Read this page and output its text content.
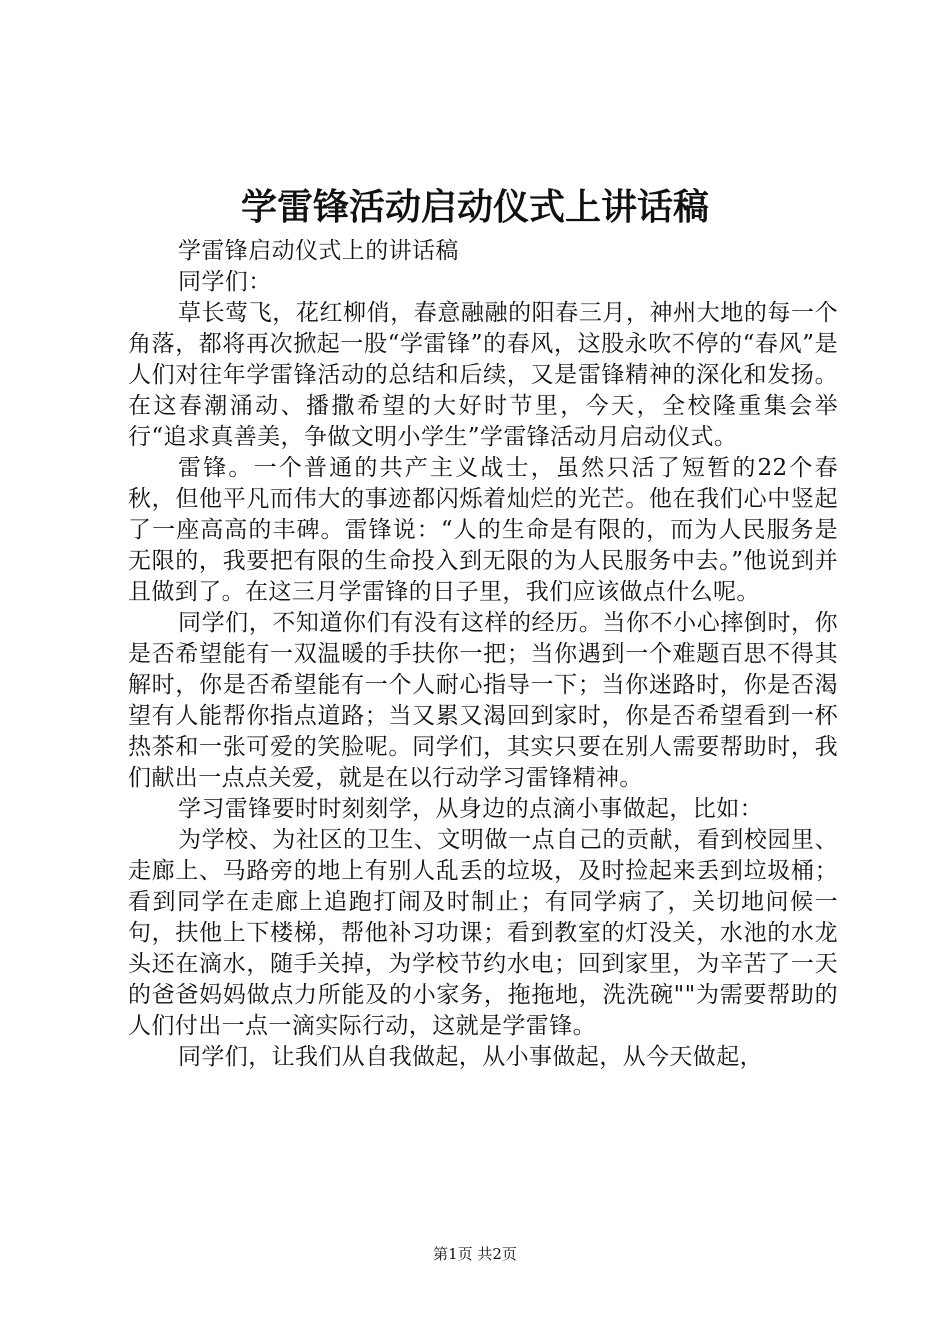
学雷锋活动启动仪式上讲话稿

学雷锋启动仪式上的讲话稿

同学们：

草长莺飞，花红柳俏，春意融融的阳春三月，神州大地的每一个角落，都将再次掀起一股“学雷锋”的春风，这股永吹不停的“春风”是人们对往年学雷锋活动的总结和后续，又是雷锋精神的深化和发扬。在这春潮涌动、播撒希望的大好时节里，今天，全校隆重集会举行“追求真善美，争做文明小学生”学雷锋活动月启动仪式。

雷锋。一个普通的共产主义战士，虽然只活了短暂的22个春秋，但他平凡而伟大的事迹都闪烁着灿烂的光芒。他在我们心中竖起了一座高高的丰碑。雷锋说：“人的生命是有限的，而为人民服务是无限的，我要把有限的生命投入到无限的为人民服务中去。”他说到并且做到了。在这三月学雷锋的日子里，我们应该做点什么呢。

同学们，不知道你们有没有这样的经历。当你不小心摔倒时，你是否希望能有一双温暖的手扶你一把；当你遇到一个难题百思不得其解时，你是否希望能有一个人耐心指导一下；当你迷路时，你是否渴望有人能帮你指点道路；当又累又渴回到家时，你是否希望看到一杯热茶和一张可爱的笑脸呢。同学们，其实只要在别人需要帮助时，我们献出一点点关爱，就是在以行动学习雷锋精神。

学习雷锋要时时刻刻学，从身边的点滴小事做起，比如：

为学校、为社区的卫生、文明做一点自己的贡献，看到校园里、走廊上、马路旁的地上有别人乱丢的垃圾，及时捡起来丢到垃圾桶；看到同学在走廊上追跑打闹及时制止；有同学病了，关切地问候一句，扶他上下楼梯，帮他补习功课；看到教室的灯没关，水池的水龙头还在滴水，随手关掉，为学校节约水电；回到家里，为辛苦了一天的爸爸妈妈做点力所能及的小家务，拖拖地，洗洗碗""为需要帮助的人们付出一点一滴实际行动，这就是学雷锋。

同学们，让我们从自我做起，从小事做起，从今天做起，

第1页 共2页
